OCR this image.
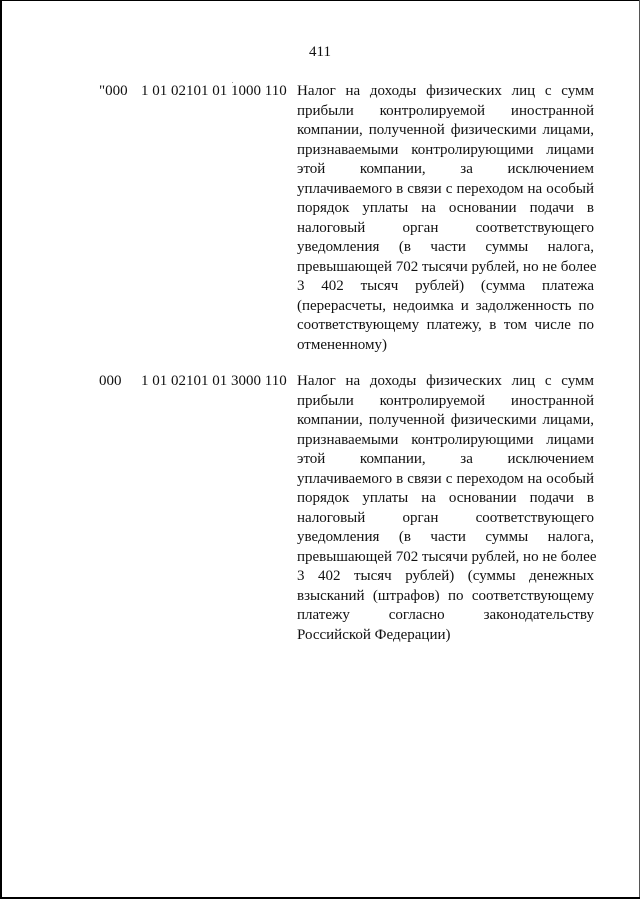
411
"000 1 01 02101 01 1000 110 Налог на доходы физических лиц с сумм
прибыли контролируемой иностранной
компании, полученной физическими лицами,
признаваемыми контролирующими лицами
этой компании, за исключением
уплачиваемого в связи с переходом на особый
порядок уплаты на основании подачи в
налоговый орган соответствующего
уведомления (в части суммы налога,
превышающей 702 тысячи рублей, но не более
3 402 тысяч рублей) (сумма платежа
(перерасчеты, недоимка и задолженность по
соответствующему платежу, в том числе по
отмененному)
000 1 01 02101 01 3000 110 Налог на доходы физических лиц с сумм
прибыли контролируемой иностранной
компании, полученной физическими лицами,
признаваемыми контролирующими лицами
этой компании, за исключением
уплачиваемого в связи с переходом на особый
порядок уплаты на основании подачи в
налоговый орган соответствующего
уведомления (в части суммы налога,
превышающей 702 тысячи рублей, но не более
3 402 тысяч рублей) (суммы денежных
взысканий (штрафов) по соответствующему
платежу согласно законодательству
Российской Федерации)
